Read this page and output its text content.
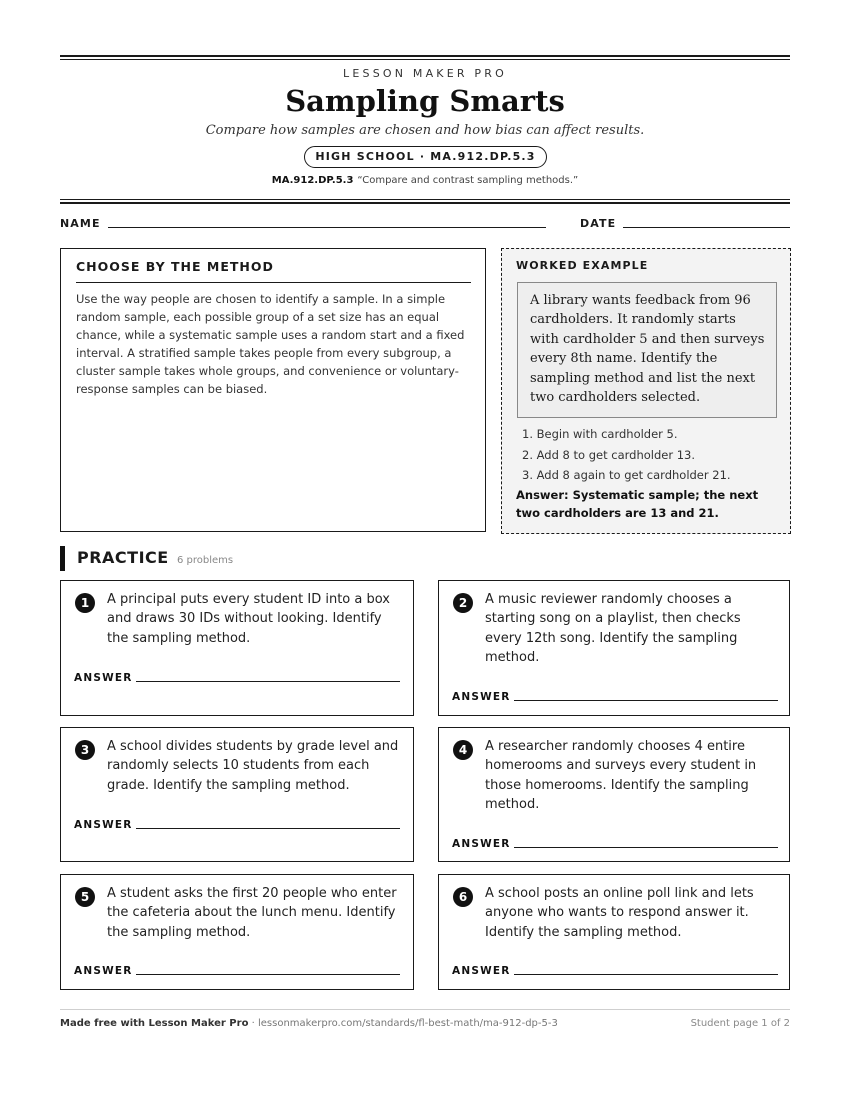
LESSON MAKER PRO
Sampling Smarts
Compare how samples are chosen and how bias can affect results.
HIGH SCHOOL · MA.912.DP.5.3
MA.912.DP.5.3 “Compare and contrast sampling methods.”
NAME	DATE
CHOOSE BY THE METHOD
Use the way people are chosen to identify a sample. In a simple random sample, each possible group of a set size has an equal chance, while a systematic sample uses a random start and a fixed interval. A stratified sample takes people from every subgroup, a cluster sample takes whole groups, and convenience or voluntary-response samples can be biased.
WORKED EXAMPLE
A library wants feedback from 96 cardholders. It randomly starts with cardholder 5 and then surveys every 8th name. Identify the sampling method and list the next two cardholders selected.
1. Begin with cardholder 5.
2. Add 8 to get cardholder 13.
3. Add 8 again to get cardholder 21.
Answer: Systematic sample; the next two cardholders are 13 and 21.
PRACTICE 6 problems
1	A principal puts every student ID into a box and draws 30 IDs without looking. Identify the sampling method.
ANSWER
2	A music reviewer randomly chooses a starting song on a playlist, then checks every 12th song. Identify the sampling method.
ANSWER
3	A school divides students by grade level and randomly selects 10 students from each grade. Identify the sampling method.
ANSWER
4	A researcher randomly chooses 4 entire homerooms and surveys every student in those homerooms. Identify the sampling method.
ANSWER
5	A student asks the first 20 people who enter the cafeteria about the lunch menu. Identify the sampling method.
ANSWER
6	A school posts an online poll link and lets anyone who wants to respond answer it. Identify the sampling method.
ANSWER
Made free with Lesson Maker Pro · lessonmakerpro.com/standards/fl-best-math/ma-912-dp-5-3	Student page 1 of 2
